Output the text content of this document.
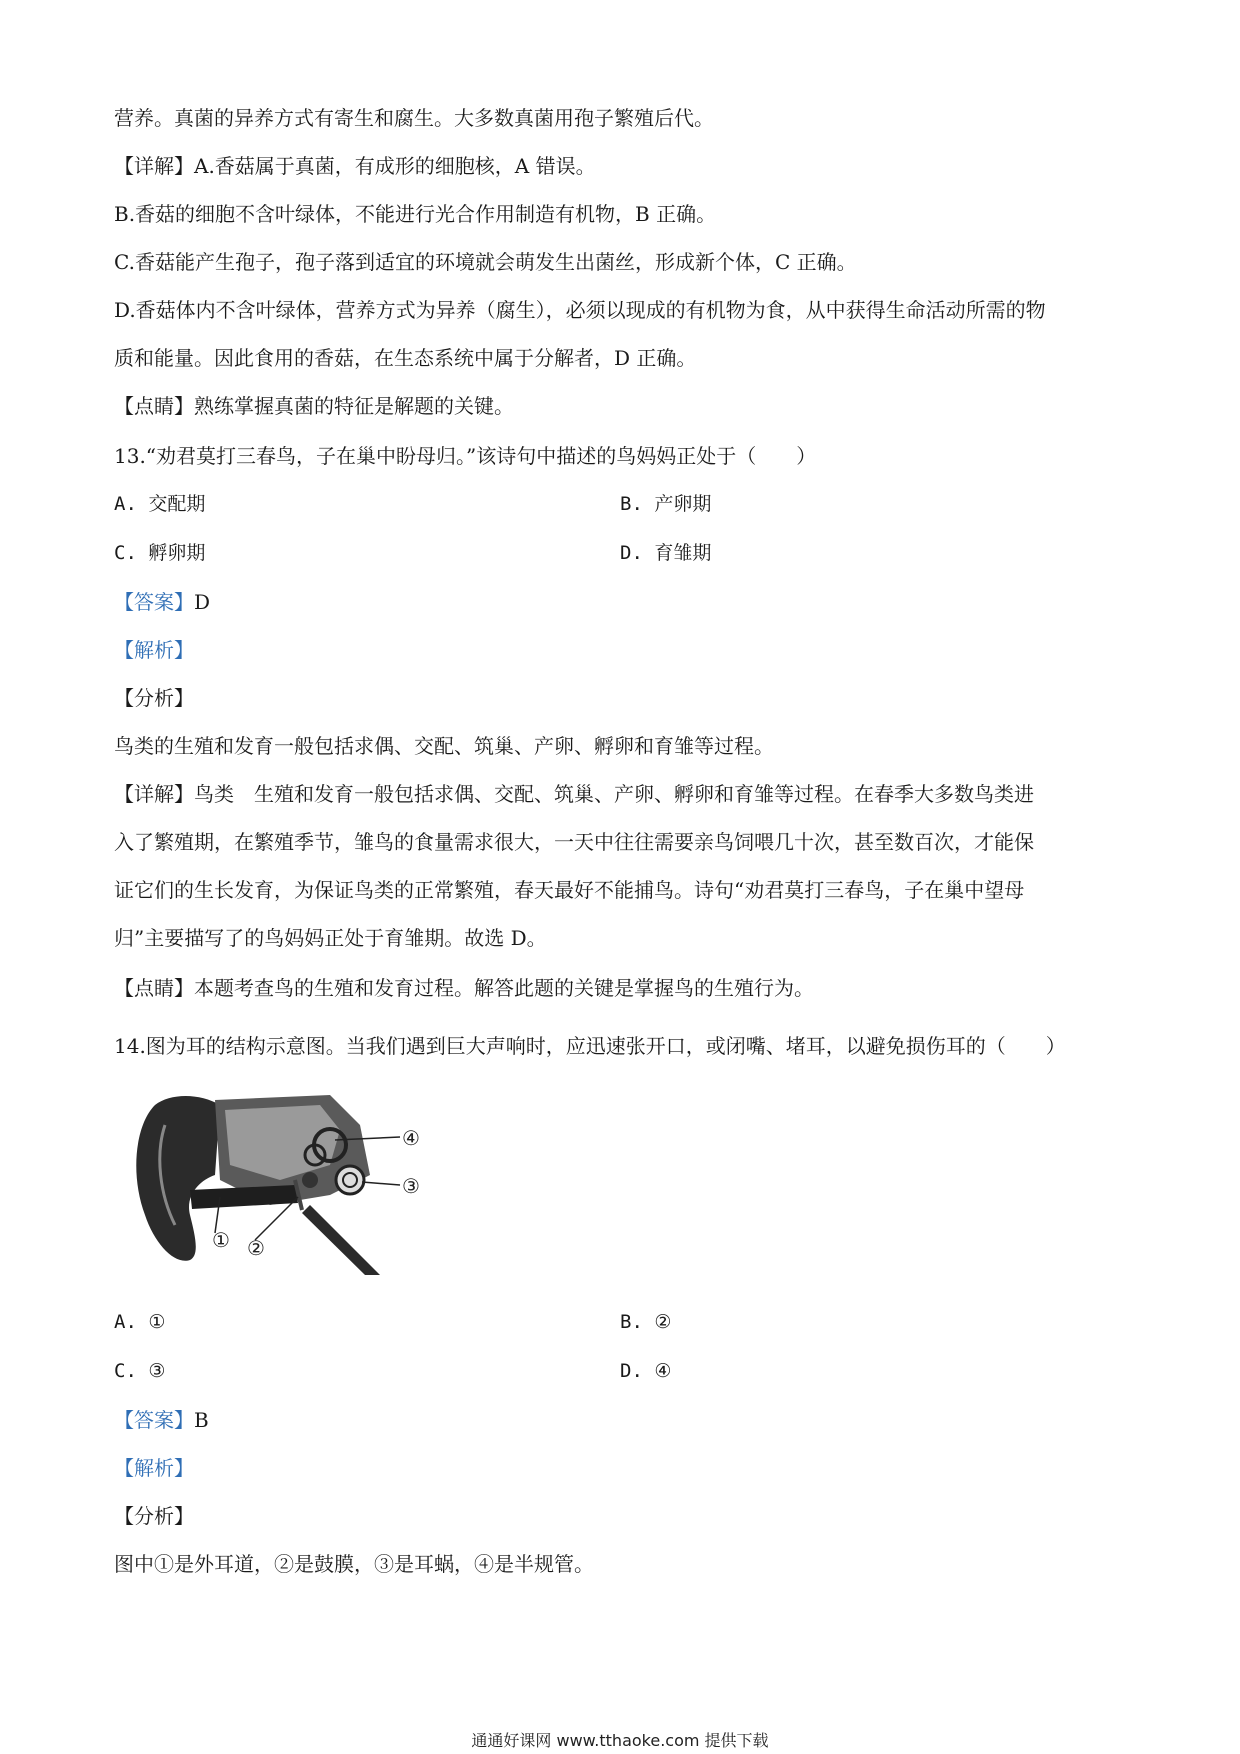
营养。真菌的异养方式有寄生和腐生。大多数真菌用孢子繁殖后代。
【详解】A.香菇属于真菌，有成形的细胞核，A 错误。
B.香菇的细胞不含叶绿体，不能进行光合作用制造有机物，B 正确。
C.香菇能产生孢子，孢子落到适宜的环境就会萌发生出菌丝，形成新个体，C 正确。
D.香菇体内不含叶绿体，营养方式为异养（腐生），必须以现成的有机物为食，从中获得生命活动所需的物
质和能量。因此食用的香菇，在生态系统中属于分解者，D 正确。
【点睛】熟练掌握真菌的特征是解题的关键。
13.“劝君莫打三春鸟，子在巢中盼母归。”该诗句中描述的鸟妈妈正处于（　　）
A. 交配期	B. 产卵期
C. 孵卵期	D. 育雏期
【答案】D
【解析】
【分析】
鸟类的生殖和发育一般包括求偶、交配、筑巢、产卵、孵卵和育雏等过程。
【详解】鸟类　生殖和发育一般包括求偶、交配、筑巢、产卵、孵卵和育雏等过程。在春季大多数鸟类进
入了繁殖期，在繁殖季节，雏鸟的食量需求很大，一天中往往需要亲鸟饲喂几十次，甚至数百次，才能保
证它们的生长发育，为保证鸟类的正常繁殖，春天最好不能捕鸟。诗句“劝君莫打三春鸟，子在巢中望母
归”主要描写了的鸟妈妈正处于育雏期。故选 D。
【点睛】本题考查鸟的生殖和发育过程。解答此题的关键是掌握鸟的生殖行为。
14.图为耳的结构示意图。当我们遇到巨大声响时，应迅速张开口，或闭嘴、堵耳，以避免损伤耳的（　　）
① ②
③
④
A. ①	B. ②
C. ③	D. ④
【答案】B
【解析】
【分析】
图中①是外耳道，②是鼓膜，③是耳蜗，④是半规管。
通通好课网 www.tthaoke.com 提供下载
